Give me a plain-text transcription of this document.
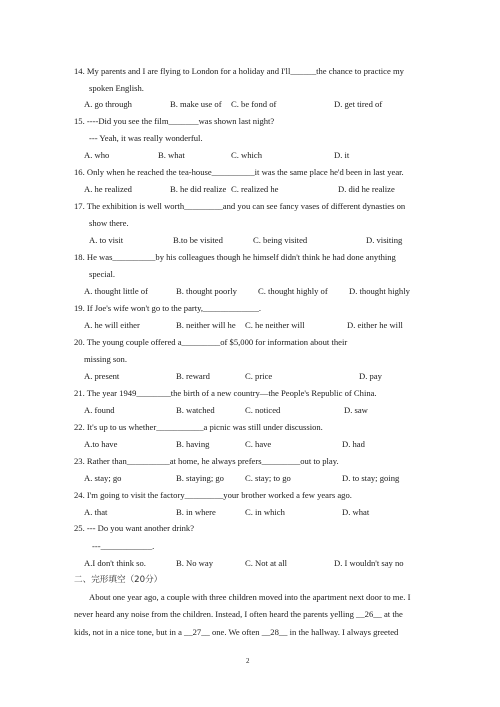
14. My parents and I are flying to London for a holiday and I'll______the chance to practice my
spoken English.
A. go through	B. make use of C. be fond of	D. get tired of
15. ----Did you see the film_______was shown last night?
--- Yeah, it was really wonderful.
A. who	B. what	C. which	D. it
16. Only when he reached the tea-house__________it was the same place he'd been in last year.
A. he realized	B. he did realize C. realized he	D. did he realize
17. The exhibition is well worth_________and you can see fancy vases of different dynasties on
show there.
A. to visit	B.to be visited	C. being visited	D. visiting
18. He was__________by his colleagues though he himself didn't think he had done anything
special.
A. thought little of	B. thought poorly C. thought highly of D. thought highly
19. If Joe's wife won't go to the party,_____________.
A. he will either	B. neither will he C. he neither will	D. either he will
20. The young couple offered a_________of $5,000 for information about their
missing son.
A. present	B. reward	C. price	D. pay
21. The year 1949________the birth of a new country—the People's Republic of China.
A. found	B. watched	C. noticed	D. saw
22. It's up to us whether___________a picnic was still under discussion.
A.to have	B. having	C. have	D. had
23. Rather than__________at home, he always prefers_________out to play.
A. stay; go	B. staying; go C. stay; to go	D. to stay; going
24. I'm going to visit the factory_________your brother worked a few years ago.
A. that	B. in where	C. in which	D. what
25. --- Do you want another drink?
---____________.
A.I don't think so.	B. No way	C. Not at all	D. I wouldn't say no
二、完形填空（20分）
About one year ago, a couple with three children moved into the apartment next door to me. I
never heard any noise from the children. Instead, I often heard the parents yelling __26__ at the
kids, not in a nice tone, but in a __27__ one. We often __28__ in the hallway. I always greeted
2
